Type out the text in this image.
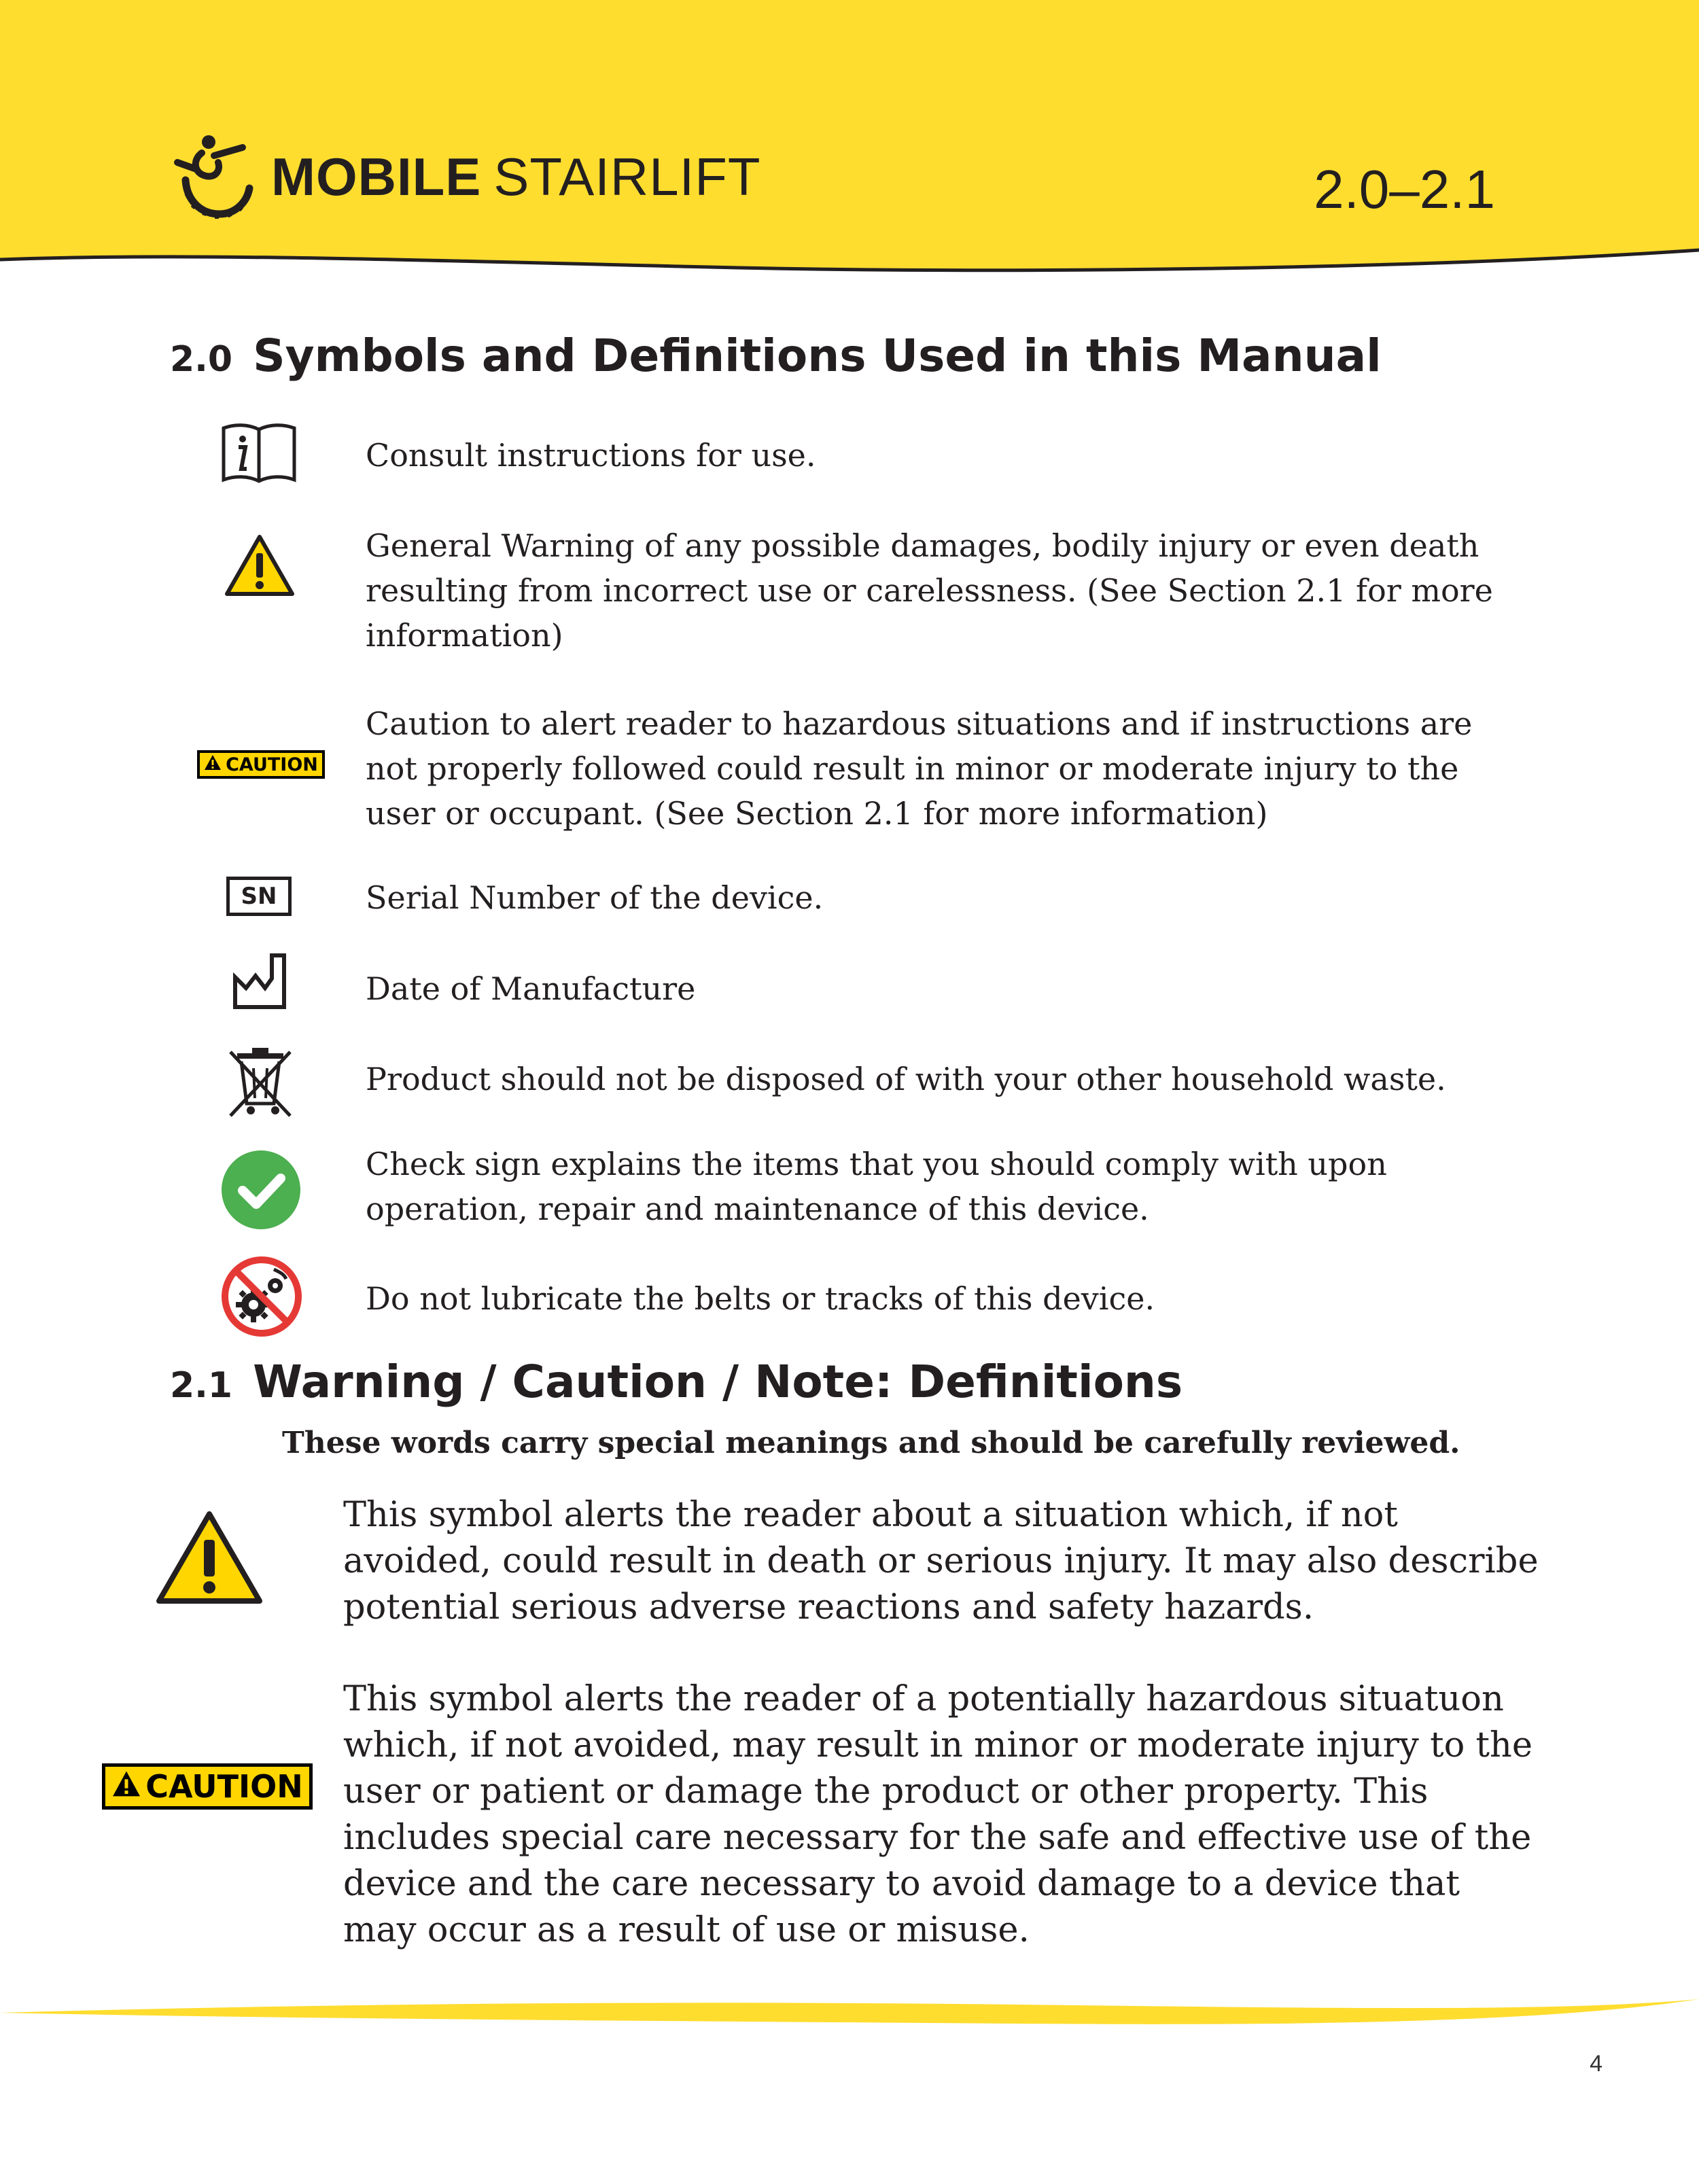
MOBILE STAIRLIFT	2.0–2.1
2.0 Symbols and Definitions Used in this Manual
Consult instructions for use.
General Warning of any possible damages, bodily injury or even death resulting from incorrect use or carelessness. (See Section 2.1 for more information)
CAUTION
Caution to alert reader to hazardous situations and if instructions are not properly followed could result in minor or moderate injury to the user or occupant. (See Section 2.1 for more information)
SN	Serial Number of the device.
Date of Manufacture
Product should not be disposed of with your other household waste.
Check sign explains the items that you should comply with upon operation, repair and maintenance of this device.
Do not lubricate the belts or tracks of this device.
2.1 Warning / Caution / Note: Definitions
These words carry special meanings and should be carefully reviewed.
This symbol alerts the reader about a situation which, if not avoided, could result in death or serious injury. It may also describe potential serious adverse reactions and safety hazards.
CAUTION
This symbol alerts the reader of a potentially hazardous situatuon which, if not avoided, may result in minor or moderate injury to the user or patient or damage the product or other property. This includes special care necessary for the safe and effective use of the device and the care necessary to avoid damage to a device that may occur as a result of use or misuse.
4
